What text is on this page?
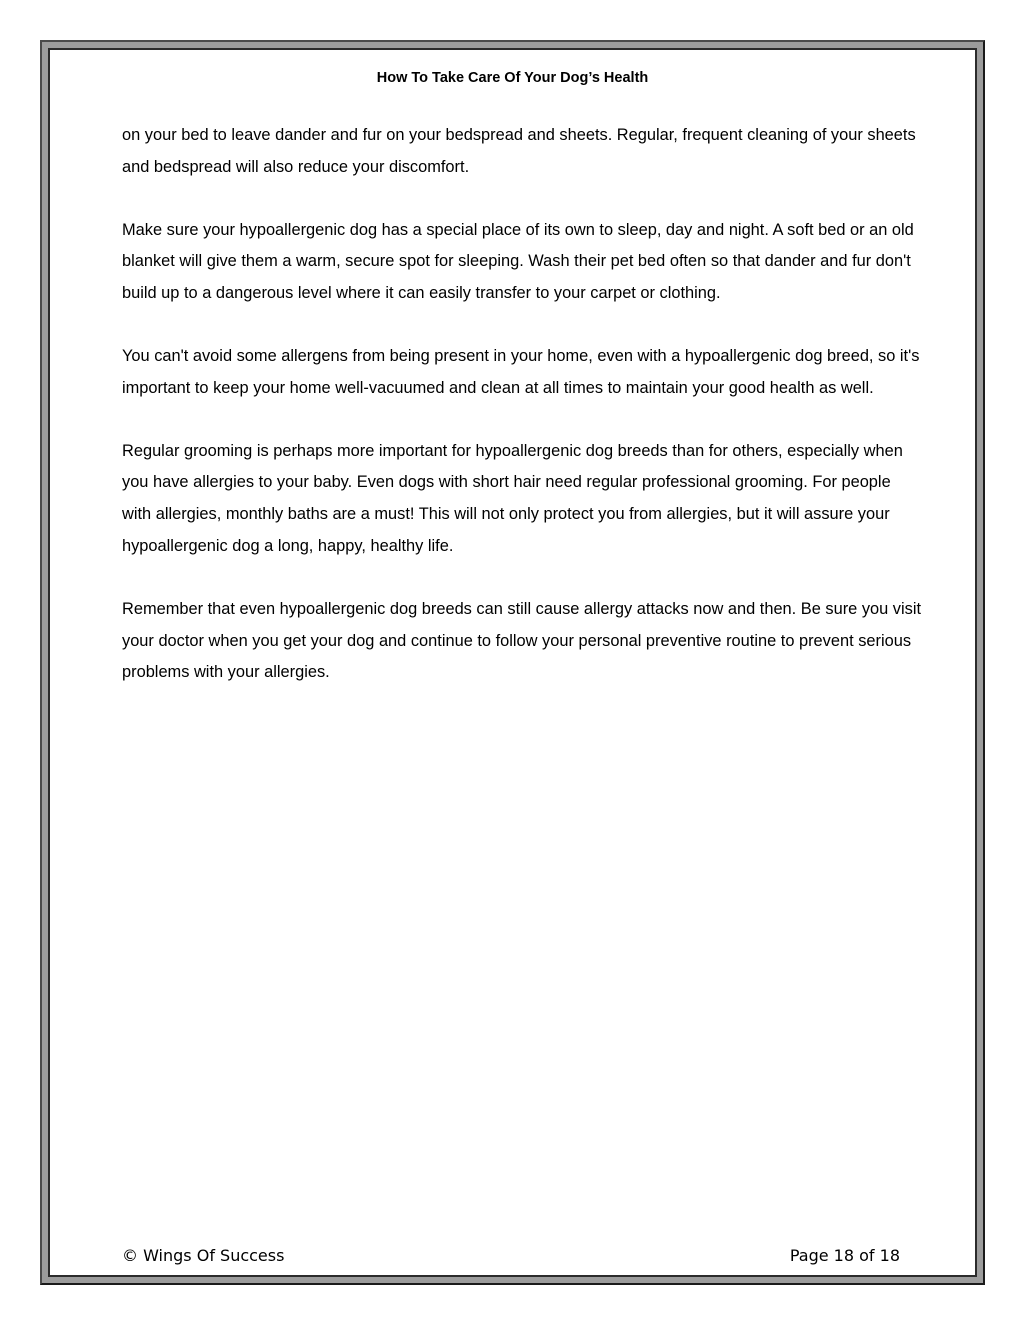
How To Take Care Of Your Dog’s Health

on your bed to leave dander and fur on your bedspread and sheets. Regular, frequent cleaning of your sheets and bedspread will also reduce your discomfort.

Make sure your hypoallergenic dog has a special place of its own to sleep, day and night. A soft bed or an old blanket will give them a warm, secure spot for sleeping. Wash their pet bed often so that dander and fur don't build up to a dangerous level where it can easily transfer to your carpet or clothing.

You can't avoid some allergens from being present in your home, even with a hypoallergenic dog breed, so it's important to keep your home well-vacuumed and clean at all times to maintain your good health as well.

Regular grooming is perhaps more important for hypoallergenic dog breeds than for others, especially when you have allergies to your baby. Even dogs with short hair need regular professional grooming. For people with allergies, monthly baths are a must! This will not only protect you from allergies, but it will assure your hypoallergenic dog a long, happy, healthy life.

Remember that even hypoallergenic dog breeds can still cause allergy attacks now and then. Be sure you visit your doctor when you get your dog and continue to follow your personal preventive routine to prevent serious problems with your allergies.

© Wings Of Success	Page 18 of 18
